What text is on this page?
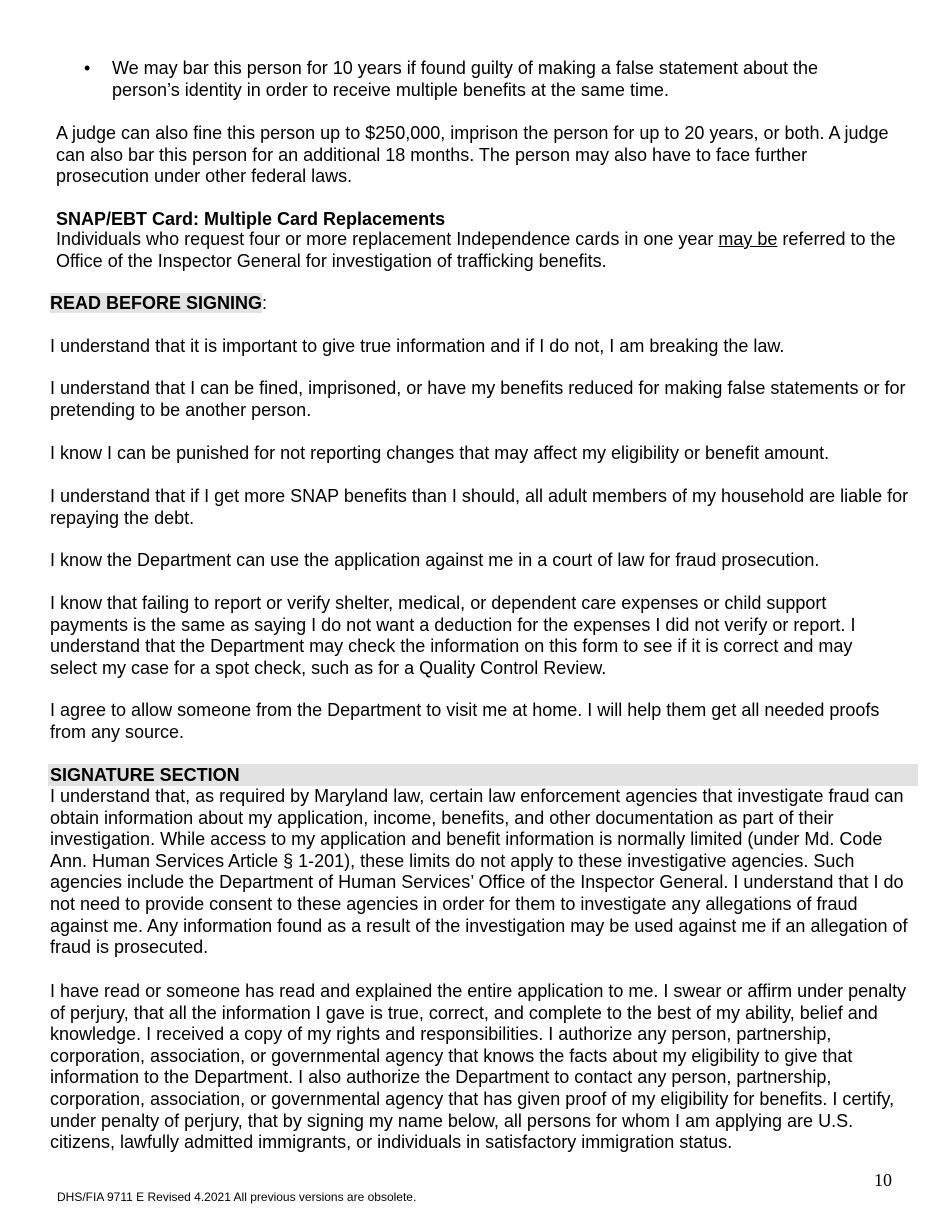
• We may bar this person for 10 years if found guilty of making a false statement about the person’s identity in order to receive multiple benefits at the same time.
A judge can also fine this person up to $250,000, imprison the person for up to 20 years, or both. A judge can also bar this person for an additional 18 months. The person may also have to face further prosecution under other federal laws.
SNAP/EBT Card: Multiple Card Replacements
Individuals who request four or more replacement Independence cards in one year may be referred to the Office of the Inspector General for investigation of trafficking benefits.
READ BEFORE SIGNING:
I understand that it is important to give true information and if I do not, I am breaking the law.
I understand that I can be fined, imprisoned, or have my benefits reduced for making false statements or for pretending to be another person.
I know I can be punished for not reporting changes that may affect my eligibility or benefit amount.
I understand that if I get more SNAP benefits than I should, all adult members of my household are liable for repaying the debt.
I know the Department can use the application against me in a court of law for fraud prosecution.
I know that failing to report or verify shelter, medical, or dependent care expenses or child support payments is the same as saying I do not want a deduction for the expenses I did not verify or report. I understand that the Department may check the information on this form to see if it is correct and may select my case for a spot check, such as for a Quality Control Review.
I agree to allow someone from the Department to visit me at home. I will help them get all needed proofs from any source.
SIGNATURE SECTION
I understand that, as required by Maryland law, certain law enforcement agencies that investigate fraud can obtain information about my application, income, benefits, and other documentation as part of their investigation. While access to my application and benefit information is normally limited (under Md. Code Ann. Human Services Article § 1-201), these limits do not apply to these investigative agencies. Such agencies include the Department of Human Services’ Office of the Inspector General. I understand that I do not need to provide consent to these agencies in order for them to investigate any allegations of fraud against me. Any information found as a result of the investigation may be used against me if an allegation of fraud is prosecuted.
I have read or someone has read and explained the entire application to me. I swear or affirm under penalty of perjury, that all the information I gave is true, correct, and complete to the best of my ability, belief and knowledge. I received a copy of my rights and responsibilities. I authorize any person, partnership, corporation, association, or governmental agency that knows the facts about my eligibility to give that information to the Department. I also authorize the Department to contact any person, partnership, corporation, association, or governmental agency that has given proof of my eligibility for benefits. I certify, under penalty of perjury, that by signing my name below, all persons for whom I am applying are U.S. citizens, lawfully admitted immigrants, or individuals in satisfactory immigration status.
10
DHS/FIA 9711 E Revised 4.2021 All previous versions are obsolete.
